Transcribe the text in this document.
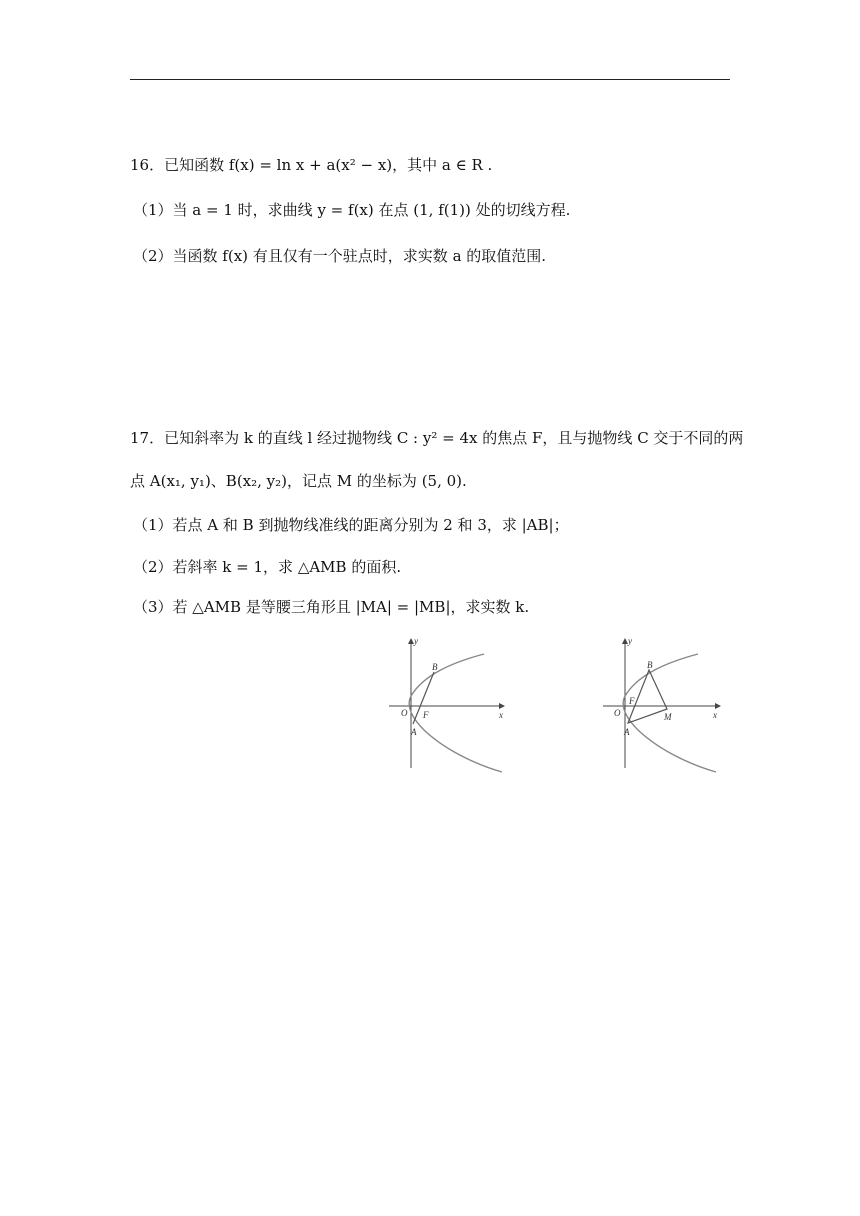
16．已知函数 f(x) = ln x + a(x² − x)，其中 a ∈ R .
（1）当 a = 1 时，求曲线 y = f(x) 在点 (1, f(1)) 处的切线方程.
（2）当函数 f(x) 有且仅有一个驻点时，求实数 a 的取值范围.
17．已知斜率为 k 的直线 l 经过抛物线 C : y² = 4x 的焦点 F，且与抛物线 C 交于不同的两
点 A(x₁, y₁)、B(x₂, y₂)，记点 M 的坐标为 (5, 0).
（1）若点 A 和 B 到抛物线准线的距离分别为 2 和 3，求 |AB|；
（2）若斜率 k = 1，求 △AMB 的面积.
（3）若 △AMB 是等腰三角形且 |MA| = |MB|，求实数 k.
y
x
O F
A
B
y
x
O
F
A
B
M
